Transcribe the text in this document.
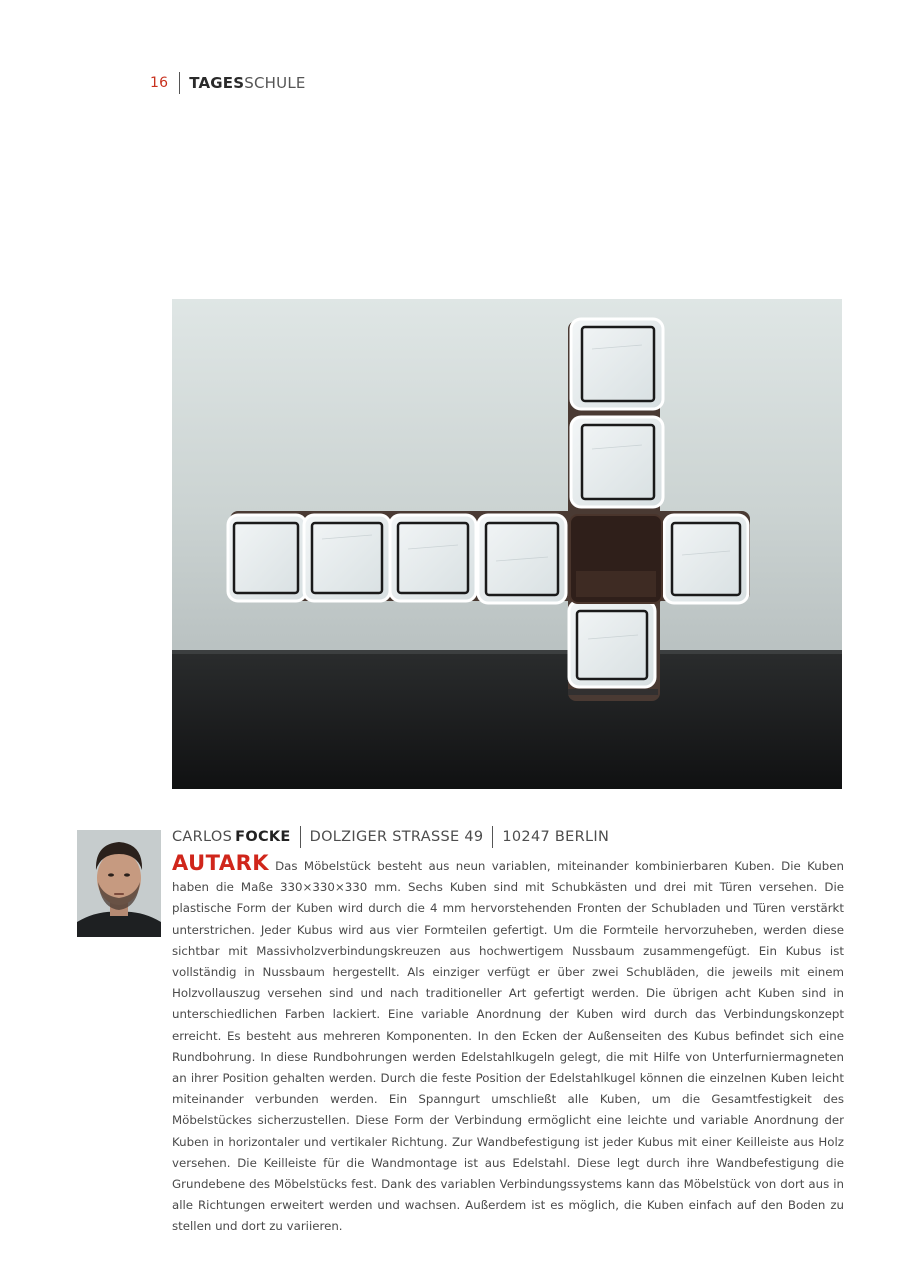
16 TAGES SCHULE
CARLOS FOCKE DOLZIGER STRASSE 49 10247 BERLIN

AUTARK Das Möbelstück besteht aus neun variablen, miteinander kombinierbaren Kuben. Die Kuben haben die Maße 330×330×330 mm. Sechs Kuben sind mit Schubkästen und drei mit Türen versehen. Die plastische Form der Kuben wird durch die 4 mm hervorstehenden Fronten der Schubladen und Türen verstärkt unterstrichen. Jeder Kubus wird aus vier Formteilen gefertigt. Um die Formteile hervorzuheben, werden diese sichtbar mit Massivholzverbindungskreuzen aus hochwertigem Nussbaum zusammengefügt. Ein Kubus ist vollständig in Nussbaum hergestellt. Als einziger verfügt er über zwei Schubläden, die jeweils mit einem Holzvollauszug versehen sind und nach traditioneller Art gefertigt werden. Die übrigen acht Kuben sind in unterschiedlichen Farben lackiert. Eine variable Anordnung der Kuben wird durch das Verbindungskonzept erreicht. Es besteht aus mehreren Komponenten. In den Ecken der Außenseiten des Kubus befindet sich eine Rundbohrung. In diese Rundbohrungen werden Edelstahlkugeln gelegt, die mit Hilfe von Unterfurniermagneten an ihrer Position gehalten werden. Durch die feste Position der Edelstahlkugel können die einzelnen Kuben leicht miteinander verbunden werden. Ein Spanngurt umschließt alle Kuben, um die Gesamtfestigkeit des Möbelstückes sicherzustellen. Diese Form der Verbindung ermöglicht eine leichte und variable Anordnung der Kuben in horizontaler und vertikaler Richtung. Zur Wandbefestigung ist jeder Kubus mit einer Keilleiste aus Holz versehen. Die Keilleiste für die Wandmontage ist aus Edelstahl. Diese legt durch ihre Wandbefestigung die Grundebene des Möbelstücks fest. Dank des variablen Verbindungssystems kann das Möbelstück von dort aus in alle Richtungen erweitert werden und wachsen. Außerdem ist es möglich, die Kuben einfach auf den Boden zu stellen und dort zu variieren.
